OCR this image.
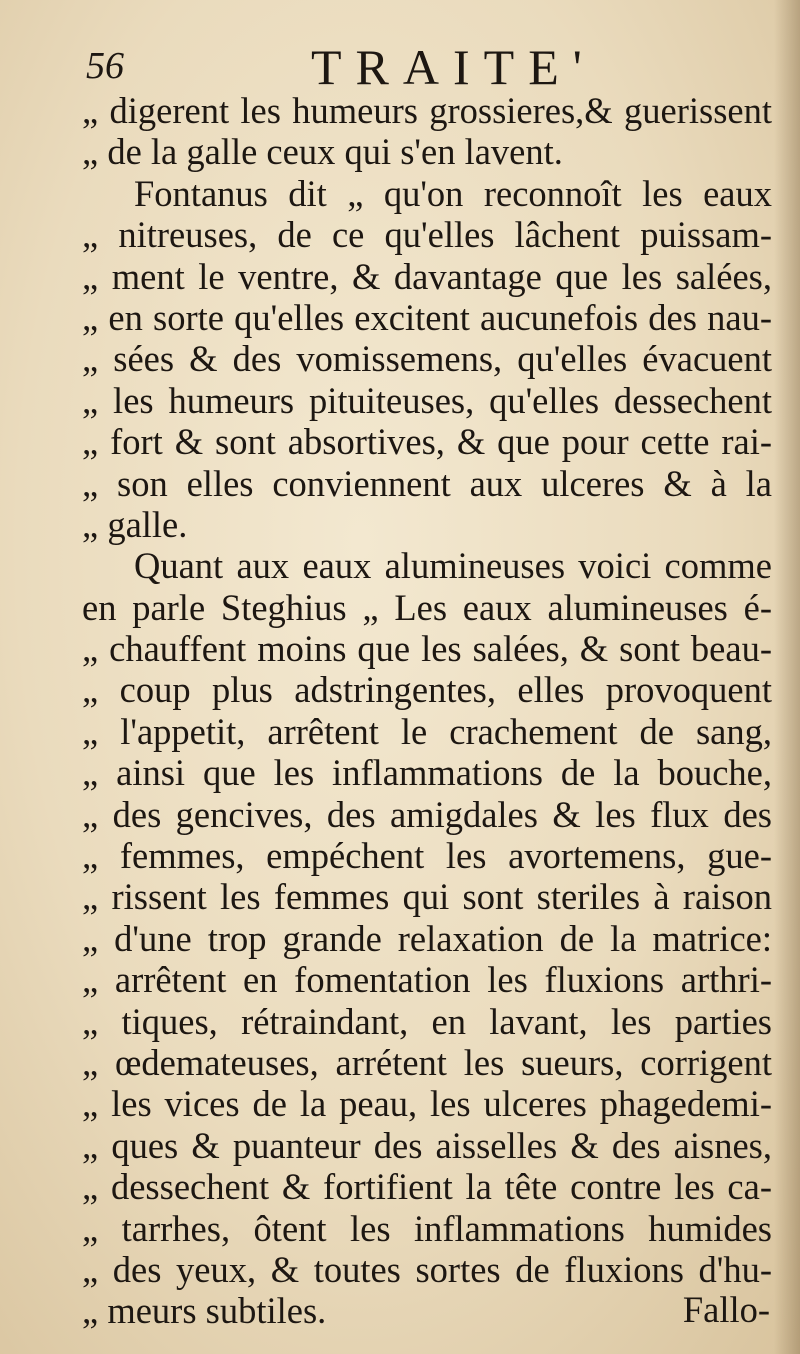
56	TRAITE'
„ digerent les humeurs grossieres,& guerissent
„ de la galle ceux qui s'en lavent.
Fontanus dit „ qu'on reconnoît les eaux
„ nitreuses, de ce qu'elles lâchent puissam-
„ ment le ventre, & davantage que les salées,
„ en sorte qu'elles excitent aucunefois des nau-
„ sées & des vomissemens, qu'elles évacuent
„ les humeurs pituiteuses, qu'elles dessechent
„ fort & sont absortives, & que pour cette rai-
„ son elles conviennent aux ulceres & à la
„ galle.
Quant aux eaux alumineuses voici comme
en parle Steghius „ Les eaux alumineuses é-
„ chauffent moins que les salées, & sont beau-
„ coup plus adstringentes, elles provoquent
„ l'appetit, arrêtent le crachement de sang,
„ ainsi que les inflammations de la bouche,
„ des gencives, des amigdales & les flux des
„ femmes, empéchent les avortemens, gue-
„ rissent les femmes qui sont steriles à raison
„ d'une trop grande relaxation de la matrice:
„ arrêtent en fomentation les fluxions arthri-
„ tiques, rétraindant, en lavant, les parties
„ œdemateuses, arrétent les sueurs, corrigent
„ les vices de la peau, les ulceres phagedemi-
„ ques & puanteur des aisselles & des aisnes,
„ dessechent & fortifient la tête contre les ca-
„ tarrhes, ôtent les inflammations humides
„ des yeux, & toutes sortes de fluxions d'hu-
„ meurs subtiles.	Fallo-
